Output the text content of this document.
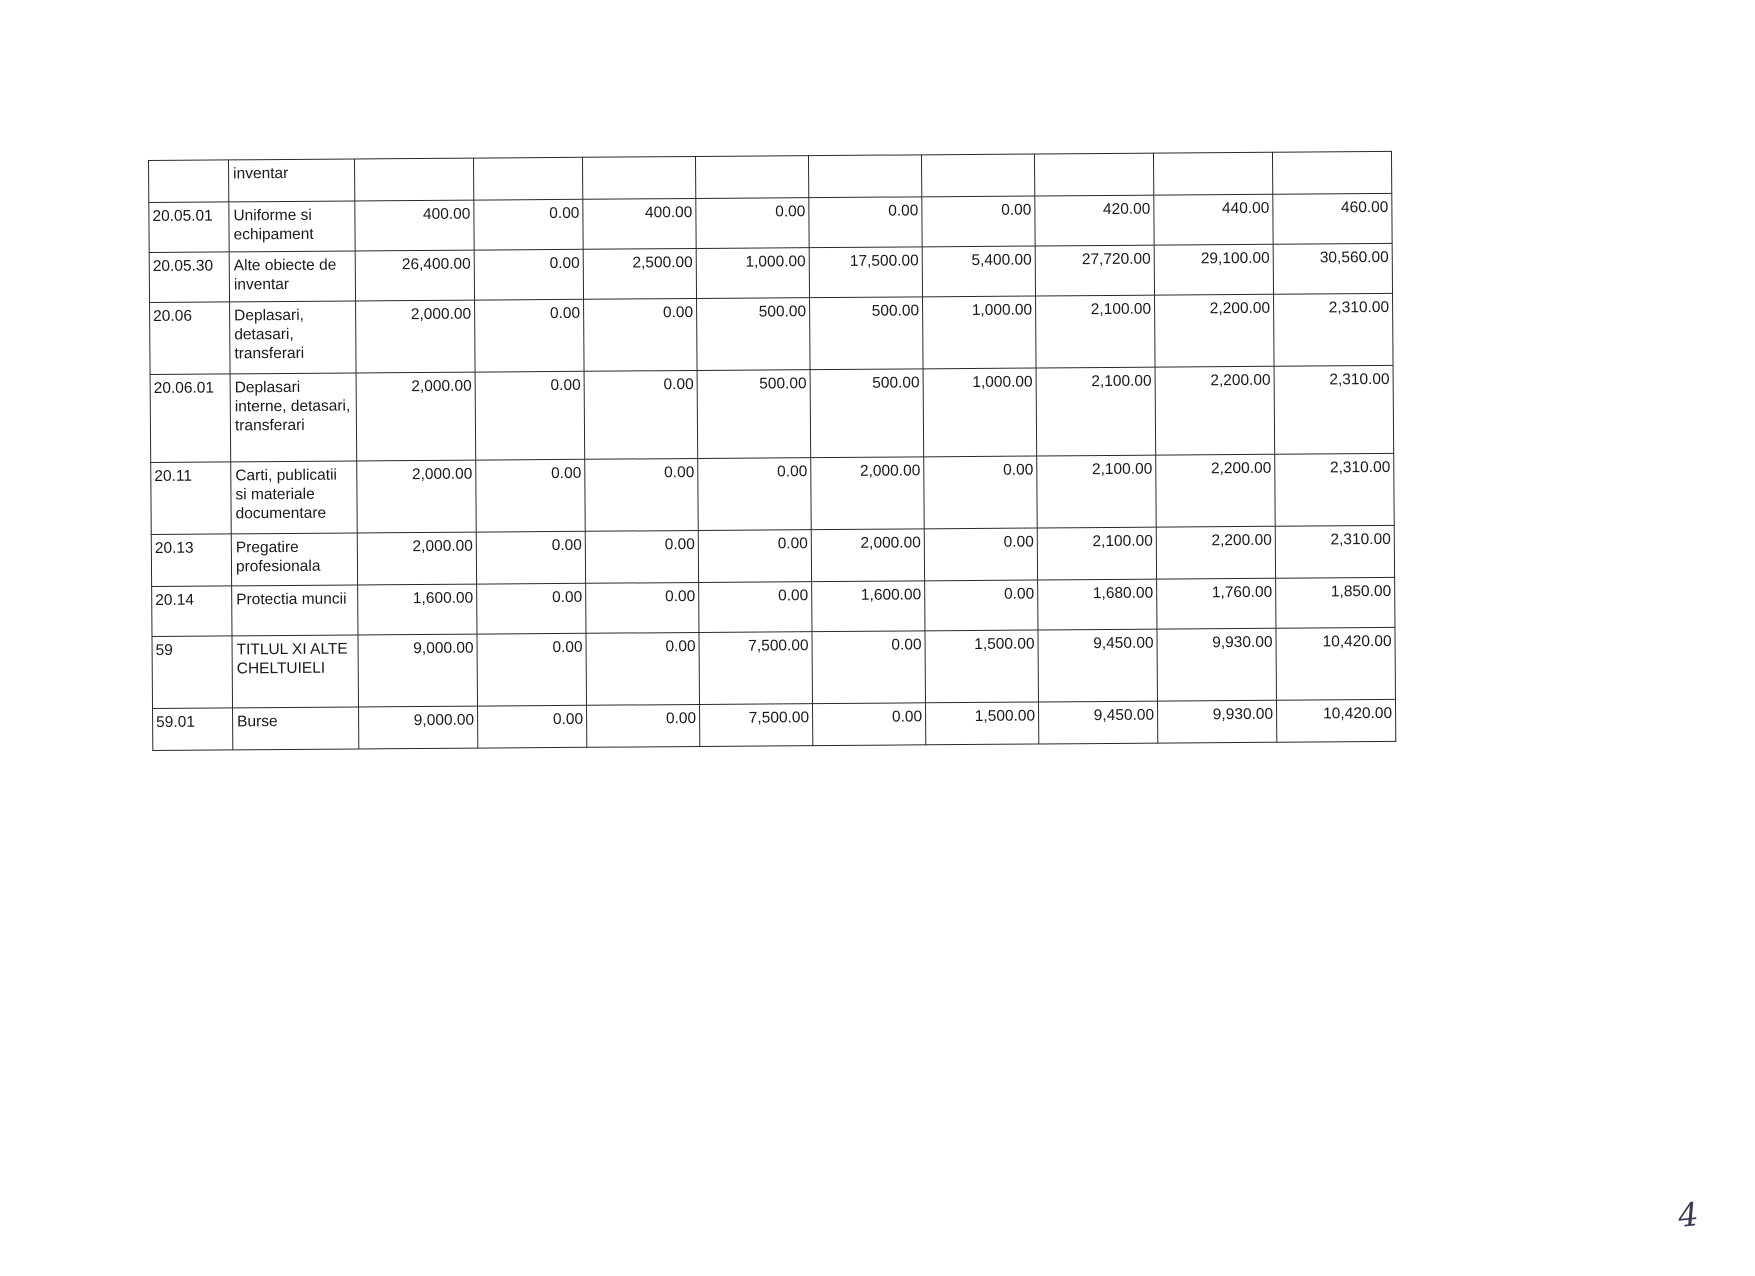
	inventar									
20.05.01	Uniforme si echipament	400.00	0.00	400.00	0.00	0.00	0.00	420.00	440.00	460.00
20.05.30	Alte obiecte de inventar	26,400.00	0.00	2,500.00	1,000.00	17,500.00	5,400.00	27,720.00	29,100.00	30,560.00
20.06	Deplasari, detasari, transferari	2,000.00	0.00	0.00	500.00	500.00	1,000.00	2,100.00	2,200.00	2,310.00
20.06.01	Deplasari interne, detasari, transferari	2,000.00	0.00	0.00	500.00	500.00	1,000.00	2,100.00	2,200.00	2,310.00
20.11	Carti, publicatii si materiale documentare	2,000.00	0.00	0.00	0.00	2,000.00	0.00	2,100.00	2,200.00	2,310.00
20.13	Pregatire profesionala	2,000.00	0.00	0.00	0.00	2,000.00	0.00	2,100.00	2,200.00	2,310.00
20.14	Protectia muncii	1,600.00	0.00	0.00	0.00	1,600.00	0.00	1,680.00	1,760.00	1,850.00
59	TITLUL XI ALTE CHELTUIELI	9,000.00	0.00	0.00	7,500.00	0.00	1,500.00	9,450.00	9,930.00	10,420.00
59.01	Burse	9,000.00	0.00	0.00	7,500.00	0.00	1,500.00	9,450.00	9,930.00	10,420.00
4
